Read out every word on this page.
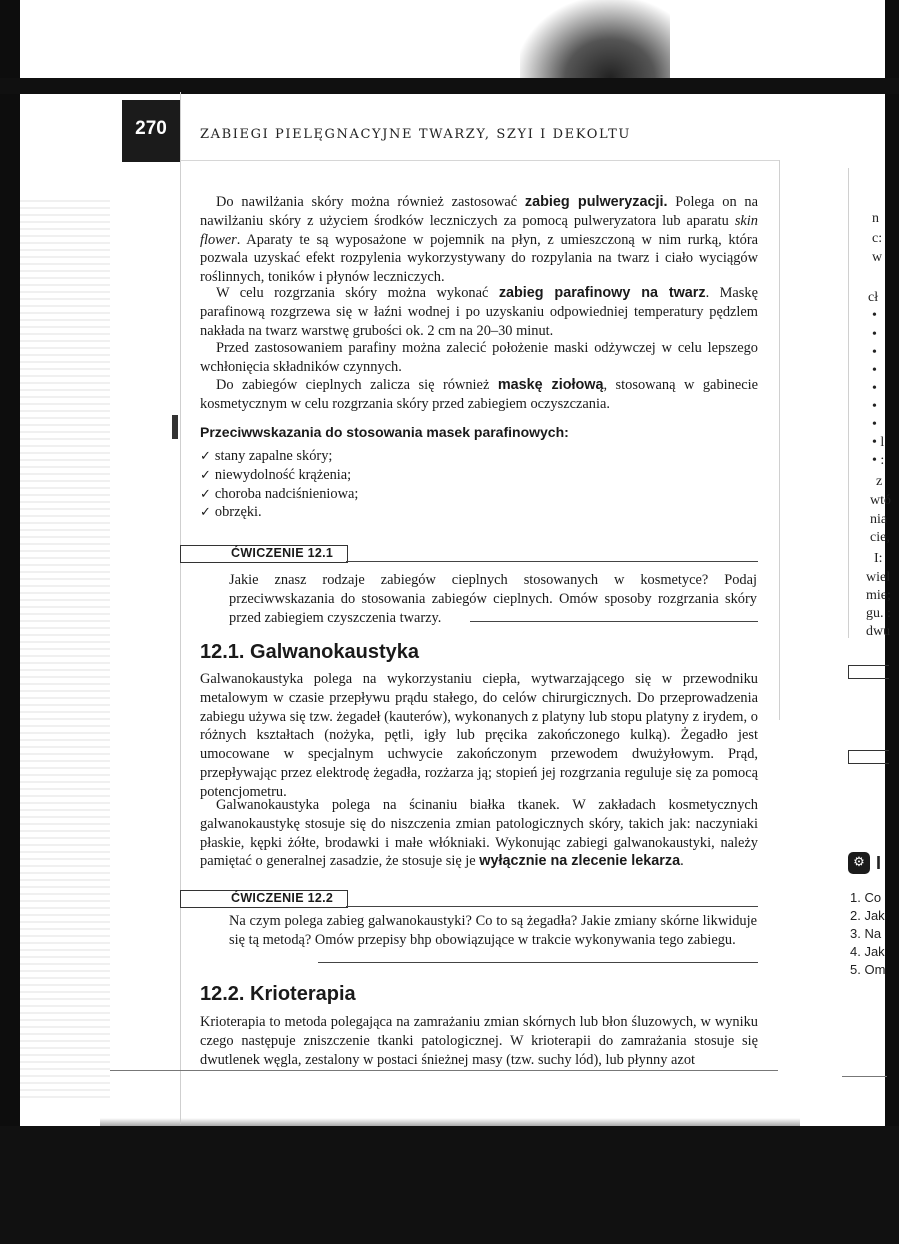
270	ZABIEGI PIELĘGNACYJNE TWARZY, SZYI I DEKOLTU

Do nawilżania skóry można również zastosować zabieg pulweryzacji. Polega on na nawilżaniu skóry z użyciem środków leczniczych za pomocą pulweryzatora lub aparatu skin flower. Aparaty te są wyposażone w pojemnik na płyn, z umieszczoną w nim rurką, która pozwala uzyskać efekt rozpylenia wykorzystywany do rozpylania na twarz i ciało wyciągów roślinnych, toników i płynów leczniczych.

W celu rozgrzania skóry można wykonać zabieg parafinowy na twarz. Maskę parafinową rozgrzewa się w łaźni wodnej i po uzyskaniu odpowiedniej temperatury pędzlem nakłada na twarz warstwę grubości ok. 2 cm na 20–30 minut.

Przed zastosowaniem parafiny można zalecić położenie maski odżywczej w celu lepszego wchłonięcia składników czynnych.

Do zabiegów cieplnych zalicza się również maskę ziołową, stosowaną w gabinecie kosmetycznym w celu rozgrzania skóry przed zabiegiem oczyszczania.

Przeciwwskazania do stosowania masek parafinowych:
✓ stany zapalne skóry;
✓ niewydolność krążenia;
✓ choroba nadciśnieniowa;
✓ obrzęki.
ĆWICZENIE 12.1

Jakie znasz rodzaje zabiegów cieplnych stosowanych w kosmetyce? Podaj przeciwwskazania do stosowania zabiegów cieplnych. Omów sposoby rozgrzania skóry przed zabiegiem czyszczenia twarzy.

12.1. Galwanokaustyka

Galwanokaustyka polega na wykorzystaniu ciepła, wytwarzającego się w przewodniku metalowym w czasie przepływu prądu stałego, do celów chirurgicznych. Do przeprowadzenia zabiegu używa się tzw. żegadeł (kauterów), wykonanych z platyny lub stopu platyny z irydem, o różnych kształtach (nożyka, pętli, igły lub pręcika zakończonego kulką). Żegadło jest umocowane w specjalnym uchwycie zakończonym przewodem dwużyłowym. Prąd, przepływając przez elektrodę żegadła, rozżarza ją; stopień jej rozgrzania reguluje się za pomocą potencjometru.

Galwanokaustyka polega na ścinaniu białka tkanek. W zakładach kosmetycznych galwanokaustykę stosuje się do niszczenia zmian patologicznych skóry, takich jak: naczyniaki płaskie, kępki żółte, brodawki i małe włókniaki. Wykonując zabiegi galwanokaustyki, należy pamiętać o generalnej zasadzie, że stosuje się je wyłącznie na zlecenie lekarza.

ĆWICZENIE 12.2

Na czym polega zabieg galwanokaustyki? Co to są żegadła? Jakie zmiany skórne likwiduje się tą metodą? Omów przepisy bhp obowiązujące w trakcie wykonywania tego zabiegu.

12.2. Krioterapia

Krioterapia to metoda polegająca na zamrażaniu zmian skórnych lub błon śluzowych, w wyniku czego następuje zniszczenie tkanki patologicznej. W krioterapii do zamrażania stosuje się dwutlenek węgla, zestalony w postaci śnieżnej masy (tzw. suchy lód), lub płynny azot

n
c:
w
cł
•
•
•
•
•
•
•
• l
• :
z
wtó
nia
cie,
I:
wiel
mie;
gu. :
dwu
⚙ I
1. Co
2. Jak
3. Na
4. Jak
5. Om
